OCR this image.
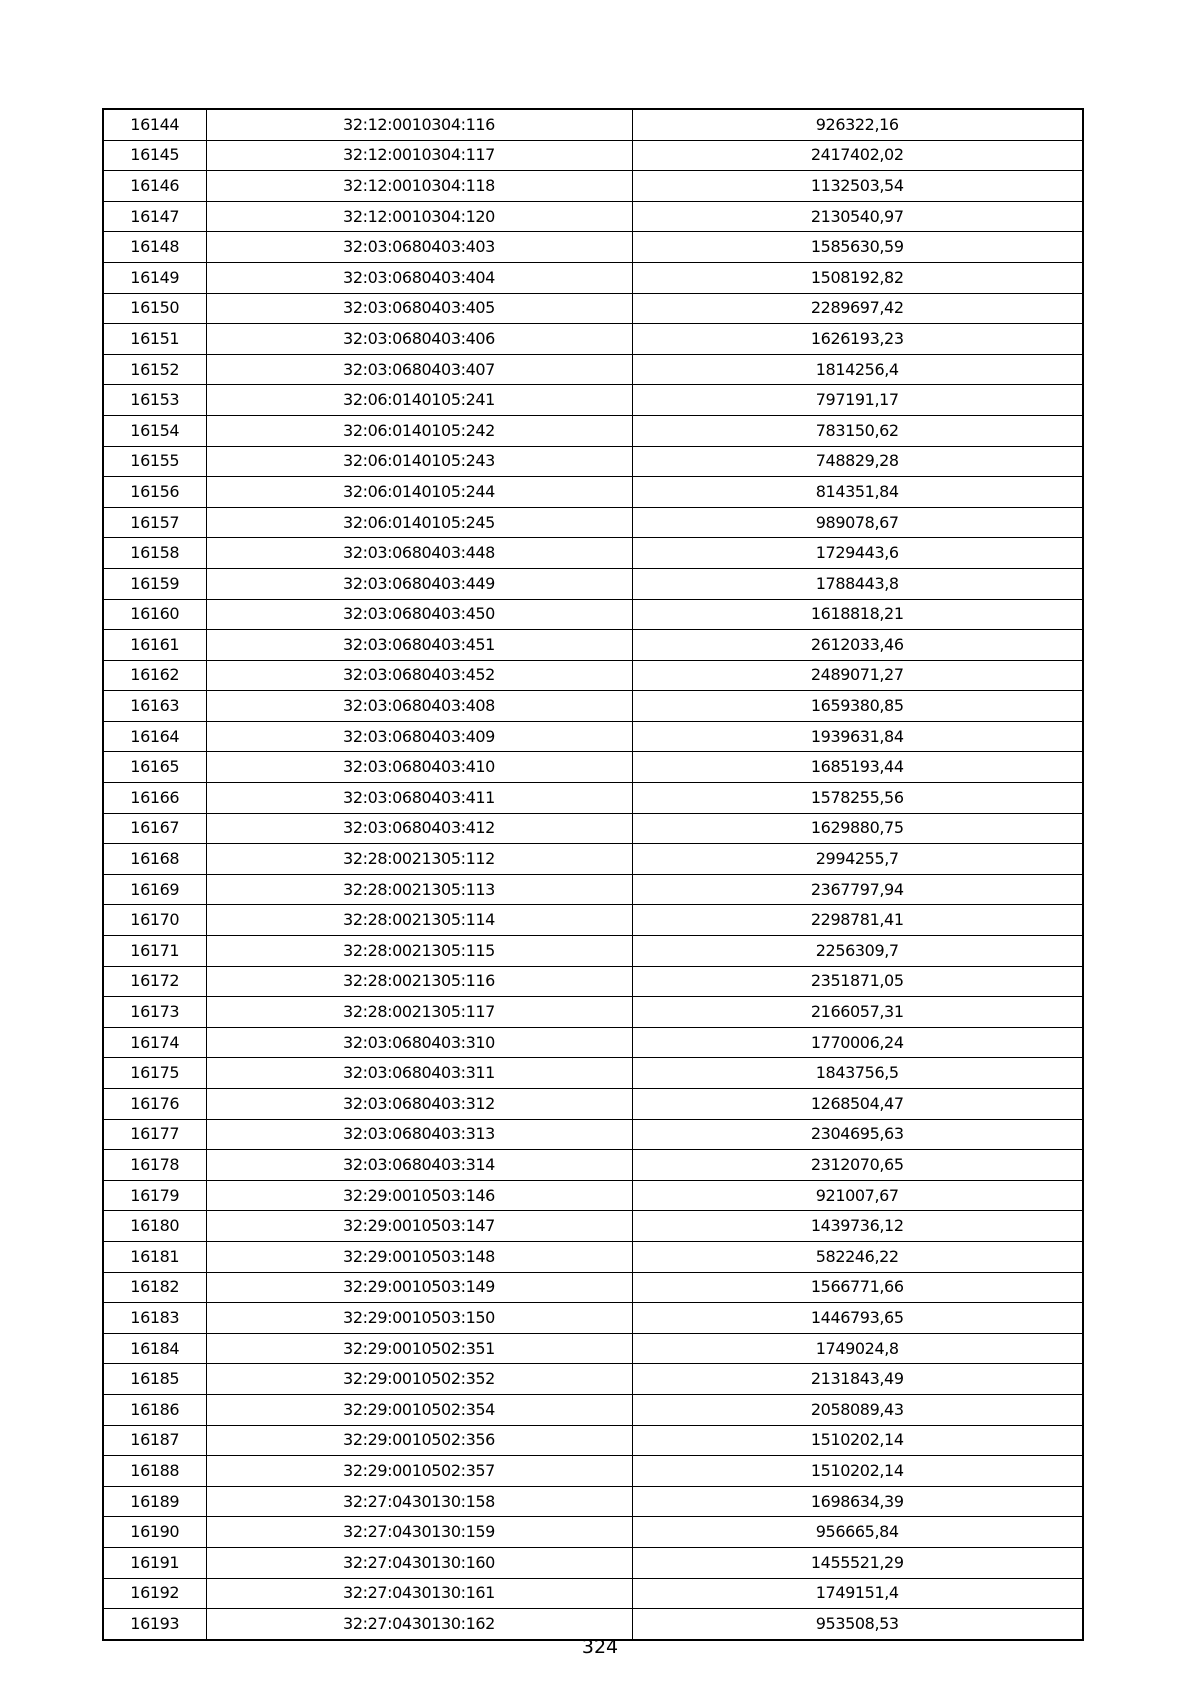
16144	32:12:0010304:116	926322,16
16145	32:12:0010304:117	2417402,02
16146	32:12:0010304:118	1132503,54
16147	32:12:0010304:120	2130540,97
16148	32:03:0680403:403	1585630,59
16149	32:03:0680403:404	1508192,82
16150	32:03:0680403:405	2289697,42
16151	32:03:0680403:406	1626193,23
16152	32:03:0680403:407	1814256,4
16153	32:06:0140105:241	797191,17
16154	32:06:0140105:242	783150,62
16155	32:06:0140105:243	748829,28
16156	32:06:0140105:244	814351,84
16157	32:06:0140105:245	989078,67
16158	32:03:0680403:448	1729443,6
16159	32:03:0680403:449	1788443,8
16160	32:03:0680403:450	1618818,21
16161	32:03:0680403:451	2612033,46
16162	32:03:0680403:452	2489071,27
16163	32:03:0680403:408	1659380,85
16164	32:03:0680403:409	1939631,84
16165	32:03:0680403:410	1685193,44
16166	32:03:0680403:411	1578255,56
16167	32:03:0680403:412	1629880,75
16168	32:28:0021305:112	2994255,7
16169	32:28:0021305:113	2367797,94
16170	32:28:0021305:114	2298781,41
16171	32:28:0021305:115	2256309,7
16172	32:28:0021305:116	2351871,05
16173	32:28:0021305:117	2166057,31
16174	32:03:0680403:310	1770006,24
16175	32:03:0680403:311	1843756,5
16176	32:03:0680403:312	1268504,47
16177	32:03:0680403:313	2304695,63
16178	32:03:0680403:314	2312070,65
16179	32:29:0010503:146	921007,67
16180	32:29:0010503:147	1439736,12
16181	32:29:0010503:148	582246,22
16182	32:29:0010503:149	1566771,66
16183	32:29:0010503:150	1446793,65
16184	32:29:0010502:351	1749024,8
16185	32:29:0010502:352	2131843,49
16186	32:29:0010502:354	2058089,43
16187	32:29:0010502:356	1510202,14
16188	32:29:0010502:357	1510202,14
16189	32:27:0430130:158	1698634,39
16190	32:27:0430130:159	956665,84
16191	32:27:0430130:160	1455521,29
16192	32:27:0430130:161	1749151,4
16193	32:27:0430130:162	953508,53
324
